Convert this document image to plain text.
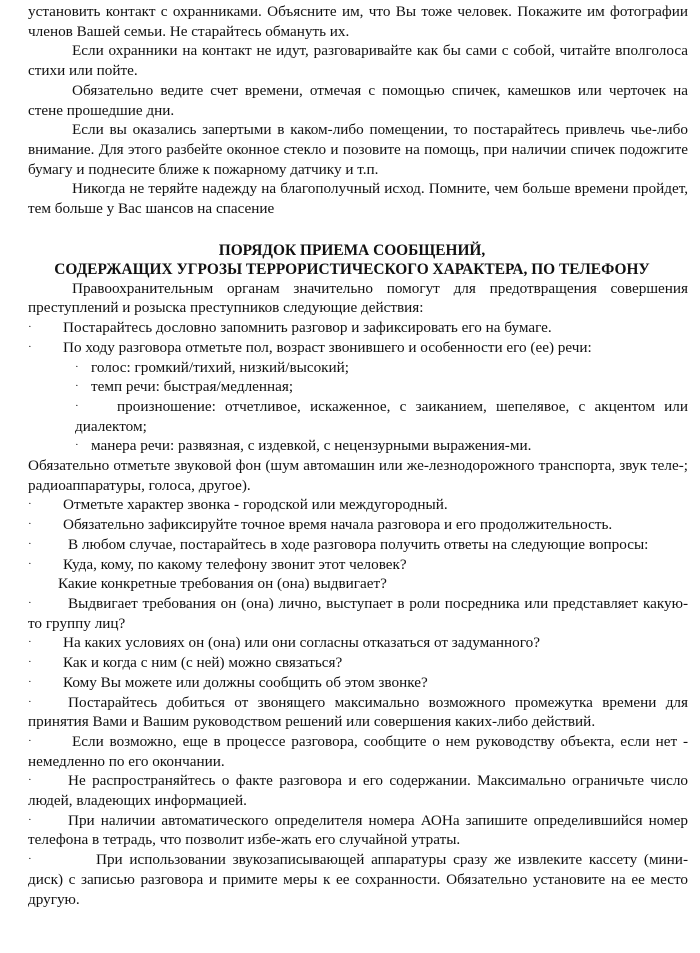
установить контакт с охранниками. Объясните им, что Вы тоже человек. Покажите им фотографии членов Вашей семьи. Не старайтесь обмануть их.

Если охранники на контакт не идут, разговаривайте как бы сами с собой, читайте вполголоса стихи или пойте.

Обязательно ведите счет времени, отмечая с помощью спичек, камешков или черточек на стене прошедшие дни.

Если вы оказались запертыми в каком-либо помещении, то постарайтесь привлечь чье-либо внимание. Для этого разбейте оконное стекло и позовите на помощь, при наличии спичек подожгите бумагу и поднесите ближе к пожарному датчику и т.п.

Никогда не теряйте надежду на благополучный исход. Помните, чем больше времени пройдет, тем больше у Вас шансов на спасение

ПОРЯДОК ПРИЕМА СООБЩЕНИЙ,

СОДЕРЖАЩИХ УГРОЗЫ ТЕРРОРИСТИЧЕСКОГО ХАРАКТЕРА, ПО ТЕЛЕФОНУ

Правоохранительным органам значительно помогут для предотвращения совершения преступлений и розыска преступников следующие действия:

·	Постарайтесь дословно запомнить разговор и зафиксировать его на бумаге.
·	По ходу разговора отметьте пол, возраст звонившего и особенности его (ее) речи:
· голос: громкий/тихий, низкий/высокий;
· темп речи: быстрая/медленная;
·	произношение: отчетливое, искаженное, с заиканием, шепелявое, с акцентом или диалектом;
· манера речи: развязная, с издевкой, с нецензурными выражения-ми.

Обязательно отметьте звуковой фон (шум автомашин или же-лезнодорожного транспорта, звук теле-; радиоаппаратуры, голоса, другое).

·	Отметьте характер звонка - городской или междугородный.
·	Обязательно зафиксируйте точное время начала разговора и его продолжительность.
·	В любом случае, постарайтесь в ходе разговора получить ответы на следующие вопросы:
·	Куда, кому, по какому телефону звонит этот человек?

Какие конкретные требования он (она) выдвигает?

·	Выдвигает требования он (она) лично, выступает в роли посредника или представляет какую-то группу лиц?
·	На каких условиях он (она) или они согласны отказаться от задуманного?
·	Как и когда с ним (с ней) можно связаться?
·	Кому Вы можете или должны сообщить об этом звонке?
·	Постарайтесь добиться от звонящего максимально возможного промежутка времени для принятия Вами и Вашим руководством решений или совершения каких-либо действий.
·	Если возможно, еще в процессе разговора, сообщите о нем руководству объекта, если нет - немедленно по его окончании.
·	Не распространяйтесь о факте разговора и его содержании. Максимально ограничьте число людей, владеющих информацией.
·	При наличии автоматического определителя номера АОНа запишите определившийся номер телефона в тетрадь, что позволит избе-жать его случайной утраты.
·	При использовании звукозаписывающей аппаратуры сразу же извлеките кассету (мини-диск) с записью разговора и примите меры к ее сохранности. Обязательно установите на ее место другую.
